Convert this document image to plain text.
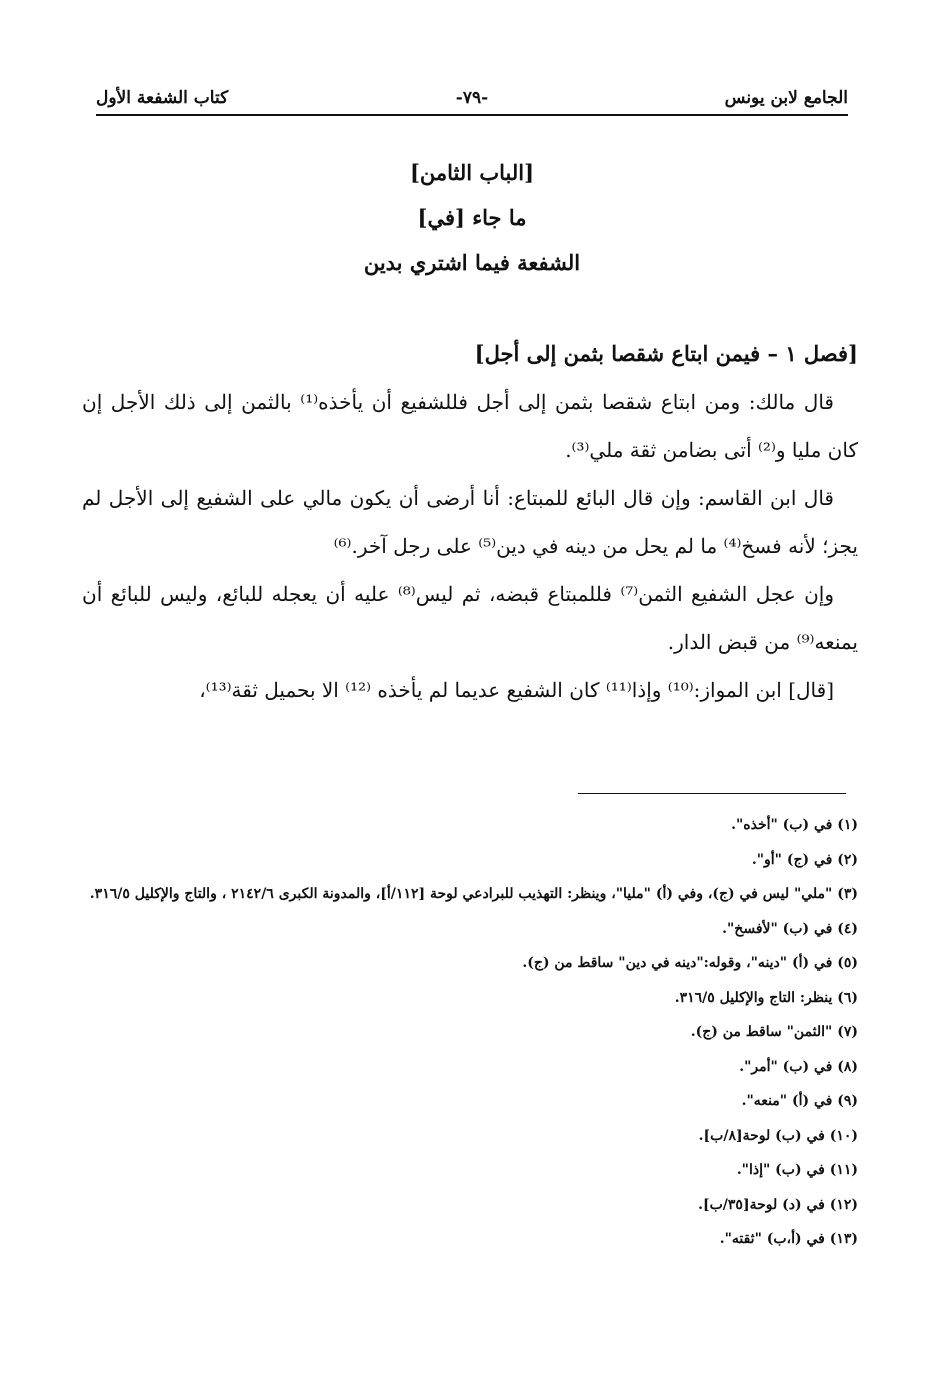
الجامع لابن يونس
-٧٩-
كتاب الشفعة الأول
[الباب الثامن]
ما جاء [في]
الشفعة فيما اشتري بدين

[فصل ١ – فيمن ابتاع شقصا بثمن إلى أجل]

قال مالك: ومن ابتاع شقصا بثمن إلى أجل فللشفيع أن يأخذه⁽¹⁾ بالثمن إلى ذلك الأجل إن كان مليا و⁽²⁾ أتى بضامن ثقة ملي⁽³⁾.

قال ابن القاسم: وإن قال البائع للمبتاع: أنا أرضى أن يكون مالي على الشفيع إلى الأجل لم يجز؛ لأنه فسخ⁽⁴⁾ ما لم يحل من دينه في دين⁽⁵⁾ على رجل آخر.⁽⁶⁾

وإن عجل الشفيع الثمن⁽⁷⁾ فللمبتاع قبضه، ثم ليس⁽⁸⁾ عليه أن يعجله للبائع، وليس للبائع أن يمنعه⁽⁹⁾ من قبض الدار.

[قال] ابن المواز:⁽¹⁰⁾ وإذا⁽¹¹⁾ كان الشفيع عديما لم يأخذه ⁽¹²⁾ الا بحميل ثقة⁽¹³⁾،

(١) في (ب) "أخذه".
(٢) في (ج) "أو".
(٣) "ملي" ليس في (ج)، وفي (أ) "مليا"، وينظر: التهذيب للبرادعي لوحة [١١٢/أ]، والمدونة الكبرى ٢١٤٢/٦ ، والتاج والإكليل ٣١٦/٥.
(٤) في (ب) "لأفسخ".
(٥) في (أ) "دينه"، وقوله:"دينه في دين" ساقط من (ج).
(٦) ينظر: التاج والإكليل ٣١٦/٥.
(٧) "الثمن" ساقط من (ج).
(٨) في (ب) "أمر".
(٩) في (أ) "منعه".
(١٠) في (ب) لوحة[٨/ب].
(١١) في (ب) "إذا".
(١٢) في (د) لوحة[٣٥/ب].
(١٣) في (أ،ب) "ثقته".
